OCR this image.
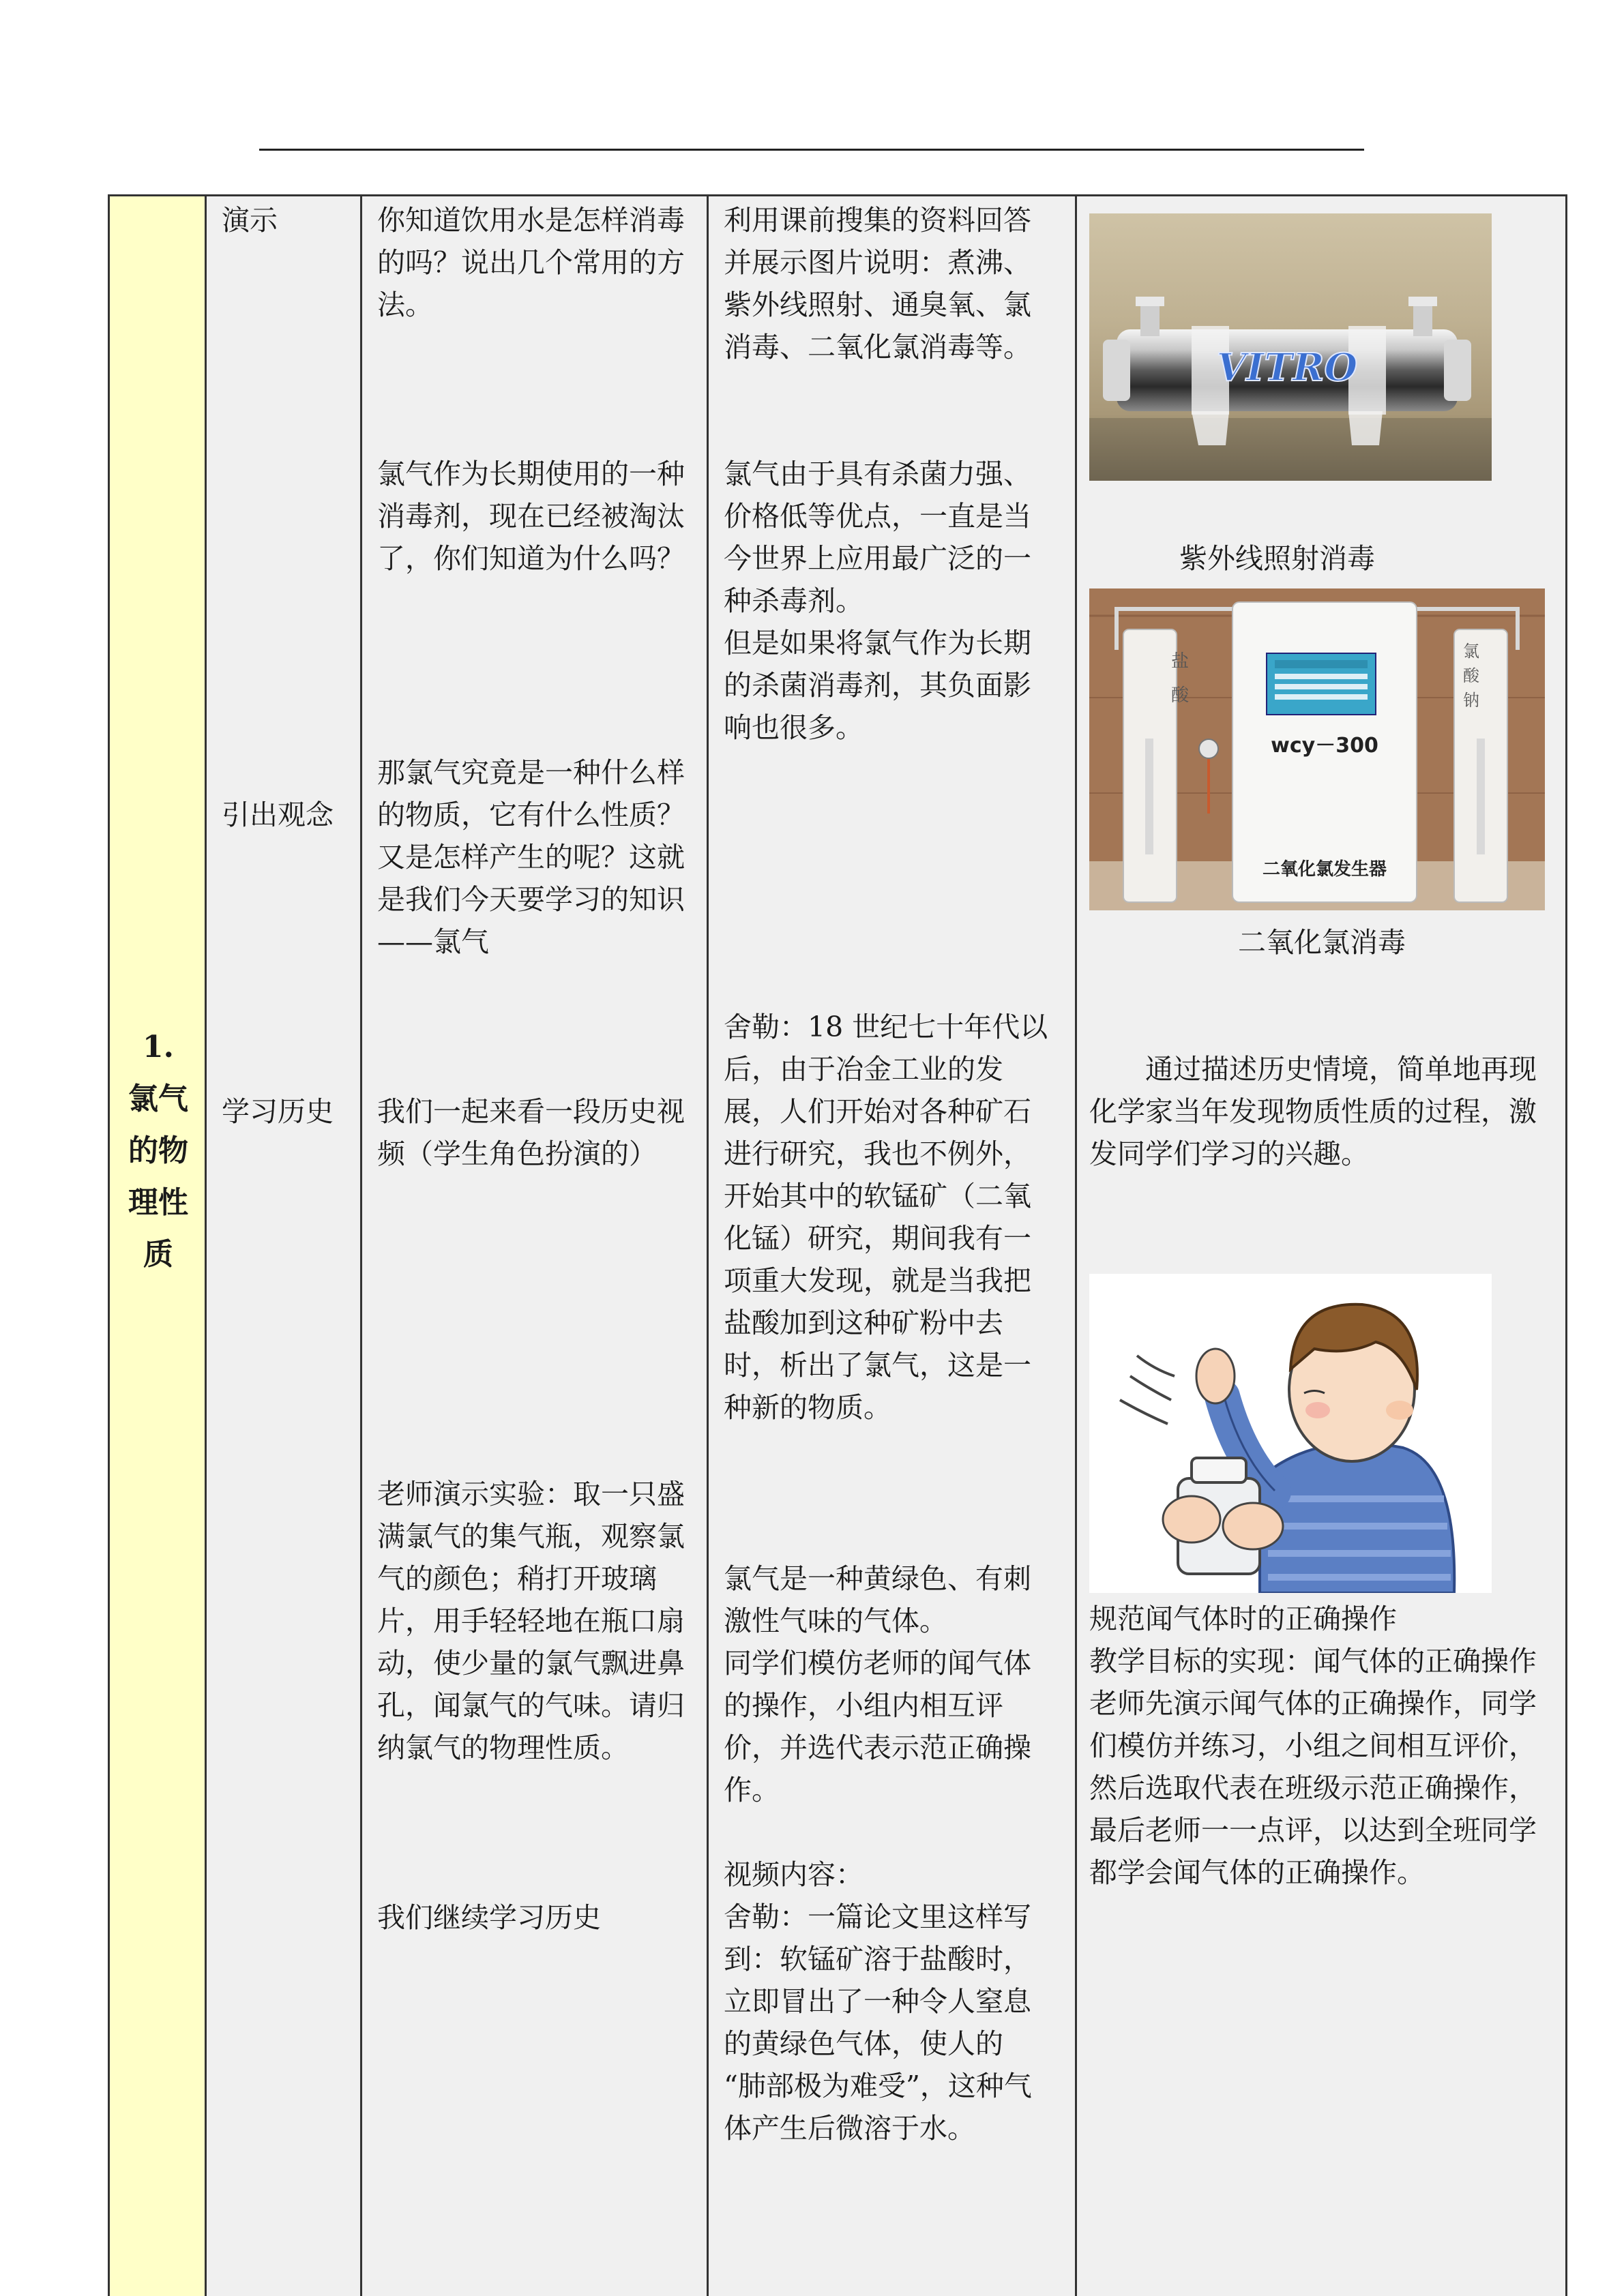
1.
氯气
的物
理性
质
演示
引出观念
学习历史
你知道饮用水是怎样消毒
的吗？说出几个常用的方
法。
氯气作为长期使用的一种
消毒剂，现在已经被淘汰
了，你们知道为什么吗？
那氯气究竟是一种什么样
的物质，它有什么性质？
又是怎样产生的呢？这就
是我们今天要学习的知识
——氯气
我们一起来看一段历史视
频（学生角色扮演的）
老师演示实验：取一只盛
满氯气的集气瓶，观察氯
气的颜色；稍打开玻璃
片，用手轻轻地在瓶口扇
动，使少量的氯气飘进鼻
孔，闻氯气的气味。请归
纳氯气的物理性质。
我们继续学习历史
利用课前搜集的资料回答
并展示图片说明：煮沸、
紫外线照射、通臭氧、氯
消毒、二氧化氯消毒等。
氯气由于具有杀菌力强、
价格低等优点，一直是当
今世界上应用最广泛的一
种杀毒剂。
但是如果将氯气作为长期
的杀菌消毒剂，其负面影
响也很多。
舍勒：18 世纪七十年代以
后，由于冶金工业的发
展，人们开始对各种矿石
进行研究，我也不例外，
开始其中的软锰矿（二氧
化锰）研究，期间我有一
项重大发现，就是当我把
盐酸加到这种矿粉中去
时，析出了氯气，这是一
种新的物质。
氯气是一种黄绿色、有刺
激性气味的气体。
同学们模仿老师的闻气体
的操作，小组内相互评
价，并选代表示范正确操
作。
视频内容：
舍勒：一篇论文里这样写
到：软锰矿溶于盐酸时，
立即冒出了一种令人窒息
的黄绿色气体，使人的
“肺部极为难受”，这种气
体产生后微溶于水。
VITRO
紫外线照射消毒
盐酸
氯酸钠
wcy－300
二氧化氯发生器
二氧化氯消毒
　　通过描述历史情境，简单地再现
化学家当年发现物质性质的过程，激
发同学们学习的兴趣。
规范闻气体时的正确操作
教学目标的实现：闻气体的正确操作
老师先演示闻气体的正确操作，同学
们模仿并练习，小组之间相互评价，
然后选取代表在班级示范正确操作，
最后老师一一点评，以达到全班同学
都学会闻气体的正确操作。
